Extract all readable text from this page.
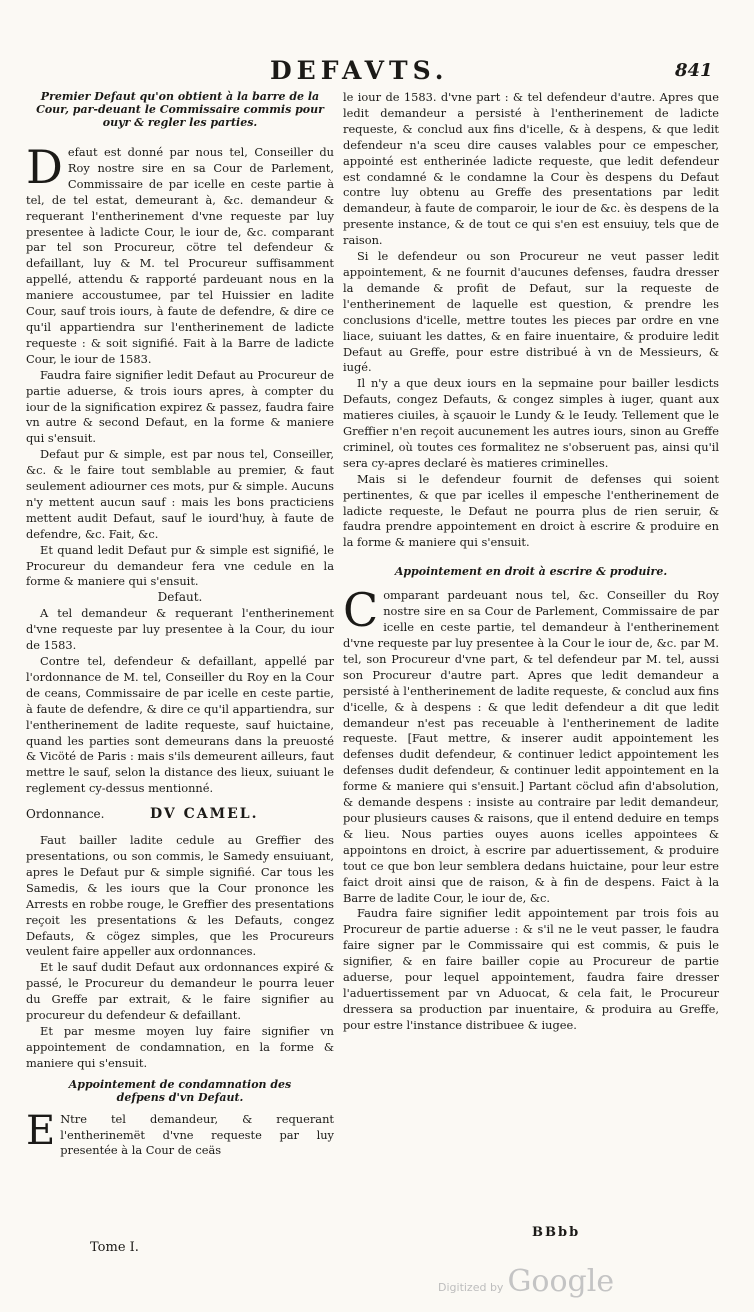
DEFAVTS.	841

Premier Defaut qu'on obtient à la barre de la Cour, par-deuant le Commissaire commis pour ouyr & regler les parties.

D efaut est donné par nous tel, Conseiller du Roy nostre sire en sa Cour de Parlement, Commissaire de par icelle en ceste partie à tel, de tel estat, demeurant à, &c. demandeur & requerant l'entherinement d'vne requeste par luy presentee à ladicte Cour, le iour de, &c. comparant par tel son Procureur, cötre tel defendeur & defaillant, luy & M. tel Procureur suffisamment appellé, attendu & rapporté pardeuant nous en la maniere accoustumee, par tel Huissier en ladite Cour, sauf trois iours, à faute de defendre, & dire ce qu'il appartiendra sur l'entherinement de ladicte requeste : & soit signifié. Fait à la Barre de ladicte Cour, le iour de 1583.

Faudra faire signifier ledit Defaut au Procureur de partie aduerse, & trois iours apres, à compter du iour de la signification expirez & passez, faudra faire vn autre & second Defaut, en la forme & maniere qui s'ensuit.

Defaut pur & simple, est par nous tel, Conseiller, &c. & le faire tout semblable au premier, & faut seulement adiourner ces mots, pur & simple. Aucuns n'y mettent aucun sauf : mais les bons practiciens mettent audit Defaut, sauf le iourd'huy, à faute de defendre, &c. Fait, &c.

Et quand ledit Defaut pur & simple est signifié, le Procureur du demandeur fera vne cedule en la forme & maniere qui s'ensuit.

Defaut.

A tel demandeur & requerant l'entherinement d'vne requeste par luy presentee à la Cour, du iour de 1583.

Contre tel, defendeur & defaillant, appellé par l'ordonnance de M. tel, Conseiller du Roy en la Cour de ceans, Commissaire de par icelle en ceste partie, à faute de defendre, & dire ce qu'il appartiendra, sur l'entherinement de ladite requeste, sauf huictaine, quand les parties sont demeurans dans la preuosté & Vicöté de Paris : mais s'ils demeurent ailleurs, faut mettre le sauf, selon la distance des lieux, suiuant le reglement cy-dessus mentionné.

Ordonnance.	DV CAMEL.

Faut bailler ladite cedule au Greffier des presentations, ou son commis, le Samedy ensuiuant, apres le Defaut pur & simple signifié. Car tous les Samedis, & les iours que la Cour prononce les Arrests en robbe rouge, le Greffier des presentations reçoit les presentations & les Defauts, congez Defauts, & cögez simples, que les Procureurs veulent faire appeller aux ordonnances.

Et le sauf dudit Defaut aux ordonnances expiré & passé, le Procureur du demandeur le pourra leuer du Greffe par extrait, & le faire signifier au procureur du defendeur & defaillant.

Et par mesme moyen luy faire signifier vn appointement de condamnation, en la forme & maniere qui s'ensuit.

Appointement de condamnation des defpens d'vn Defaut.

E Ntre tel demandeur, & requerant l'entherinemët d'vne requeste par luy presentée à la Cour de ceäs

le iour de 1583. d'vne part : & tel defendeur d'autre. Apres que ledit demandeur a persisté à l'entherinement de ladicte requeste, & conclud aux fins d'icelle, & à despens, & que ledit defendeur n'a sceu dire causes valables pour ce empescher, appointé est entherinée ladicte requeste, que ledit defendeur est condamné & le condamne la Cour ès despens du Defaut contre luy obtenu au Greffe des presentations par ledit demandeur, à faute de comparoir, le iour de &c. ès despens de la presente instance, & de tout ce qui s'en est ensuiuy, tels que de raison.

Si le defendeur ou son Procureur ne veut passer ledit appointement, & ne fournit d'aucunes defenses, faudra dresser la demande & profit de Defaut, sur la requeste de l'entherinement de laquelle est question, & prendre les conclusions d'icelle, mettre toutes les pieces par ordre en vne liace, suiuant les dattes, & en faire inuentaire, & produire ledit Defaut au Greffe, pour estre distribué à vn de Messieurs, & iugé.

Il n'y a que deux iours en la sepmaine pour bailler lesdicts Defauts, congez Defauts, & congez simples à iuger, quant aux matieres ciuiles, à sçauoir le Lundy & le Ieudy. Tellement que le Greffier n'en reçoit aucunement les autres iours, sinon au Greffe criminel, où toutes ces formalitez ne s'obseruent pas, ainsi qu'il sera cy-apres declaré ès matieres criminelles.

Mais si le defendeur fournit de defenses qui soient pertinentes, & que par icelles il empesche l'entherinement de ladicte requeste, le Defaut ne pourra plus de rien seruir, & faudra prendre appointement en droict à escrire & produire en la forme & maniere qui s'ensuit.

Appointement en droit à escrire & produire.

C omparant pardeuant nous tel, &c. Conseiller du Roy nostre sire en sa Cour de Parlement, Commissaire de par icelle en ceste partie, tel demandeur à l'entherinement d'vne requeste par luy presentee à la Cour le iour de, &c. par M. tel, son Procureur d'vne part, & tel defendeur par M. tel, aussi son Procureur d'autre part. Apres que ledit demandeur a persisté à l'entherinement de ladite requeste, & conclud aux fins d'icelle, & à despens : & que ledit defendeur a dit que ledit demandeur n'est pas receuable à l'entherinement de ladite requeste. [Faut mettre, & inserer audit appointement les defenses dudit defendeur, & continuer ledict appointement les defenses dudit defendeur, & continuer ledit appointement en la forme & maniere qui s'ensuit.] Partant cöclud afin d'absolution, & demande despens : insiste au contraire par ledit demandeur, pour plusieurs causes & raisons, que il entend deduire en temps & lieu. Nous parties ouyes auons icelles appointees & appointons en droict, à escrire par aduertissement, & produire tout ce que bon leur semblera dedans huictaine, pour leur estre faict droit ainsi que de raison, & à fin de despens. Faict à la Barre de ladite Cour, le iour de, &c.

Faudra faire signifier ledit appointement par trois fois au Procureur de partie aduerse : & s'il ne le veut passer, le faudra faire signer par le Commissaire qui est commis, & puis le signifier, & en faire bailler copie au Procureur de partie aduerse, pour lequel appointement, faudra faire dresser l'aduertissement par vn Aduocat, & cela fait, le Procureur dressera sa production par inuentaire, & produira au Greffe, pour estre l'instance distribuee & iugee.

Tome I.
BBbb
Digitized by Google
